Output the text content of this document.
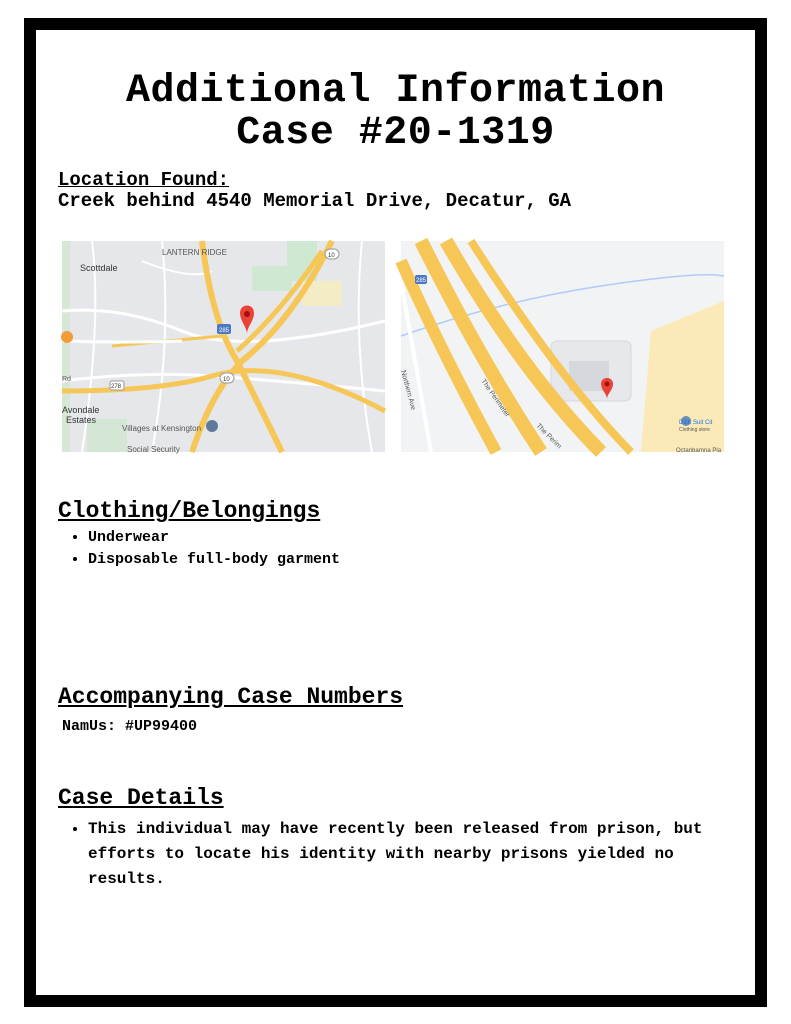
Additional Information
Case #20-1319
Location Found:
Creek behind 4540 Memorial Drive, Decatur, GA
LANTERN RIDGE
Scottdale
Avondale
Estates
Villages at Kensington
Social Security
Rd
285
10
278
10
285
The Perimeter
The Perim
Northern Ave
D&K Suit Cit
Clothing store
Octanbarnna Pla
Clothing/Belongings
• Underwear
• Disposable full-body garment
Accompanying Case Numbers
NamUs: #UP99400
Case Details
• This individual may have recently been released from prison, but efforts to locate his identity with nearby prisons yielded no results.
